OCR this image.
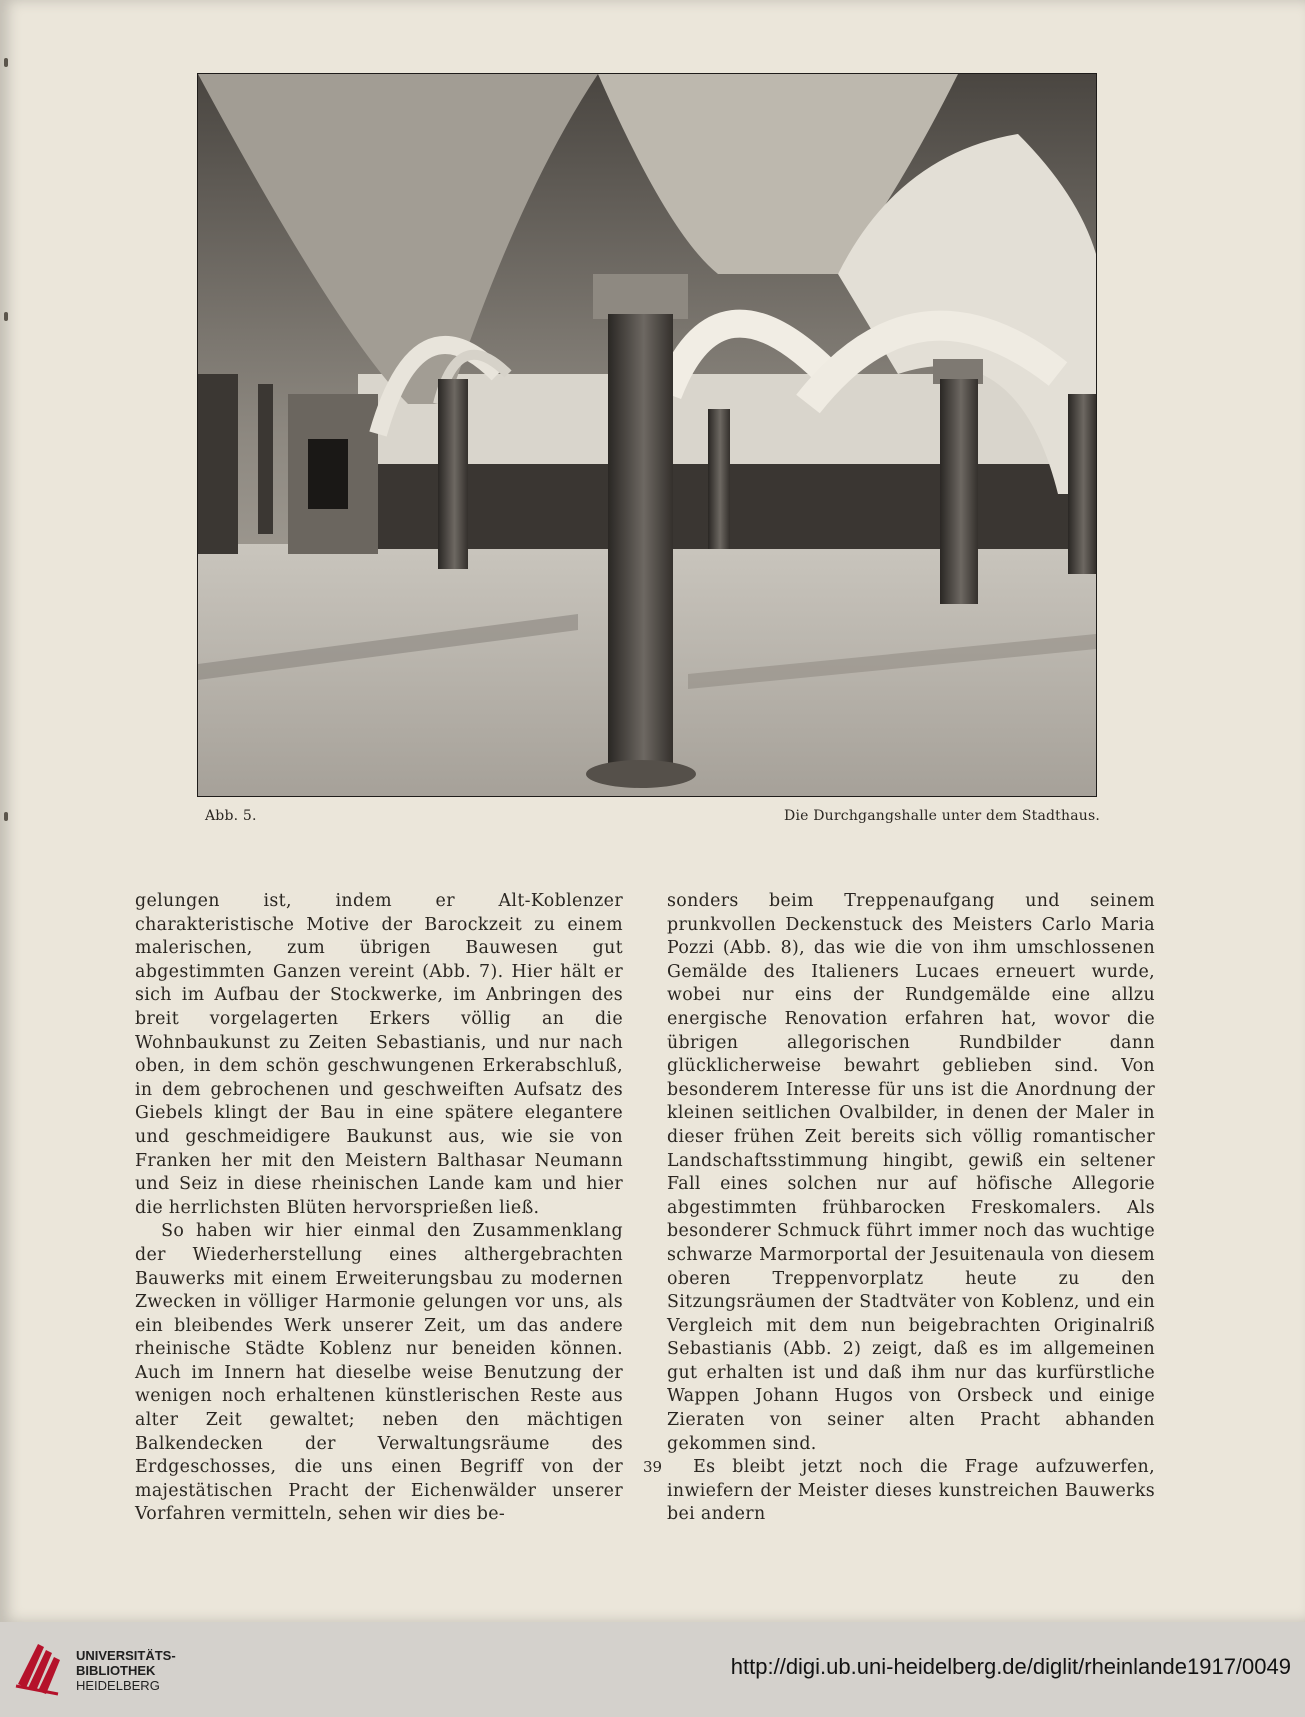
Abb. 5.	Die Durchgangshalle unter dem Stadthaus.

gelungen ist, indem er Alt-Koblenzer charakteristische Motive der Barockzeit zu einem malerischen, zum übrigen Bauwesen gut abgestimmten Ganzen vereint (Abb. 7). Hier hält er sich im Aufbau der Stockwerke, im Anbringen des breit vorgelagerten Erkers völlig an die Wohnbaukunst zu Zeiten Sebastianis, und nur nach oben, in dem schön geschwungenen Erkerabschluß, in dem gebrochenen und geschweiften Aufsatz des Giebels klingt der Bau in eine spätere elegantere und geschmeidigere Baukunst aus, wie sie von Franken her mit den Meistern Balthasar Neumann und Seiz in diese rheinischen Lande kam und hier die herrlichsten Blüten hervorsprießen ließ.

So haben wir hier einmal den Zusammenklang der Wiederherstellung eines althergebrachten Bauwerks mit einem Erweiterungsbau zu modernen Zwecken in völliger Harmonie gelungen vor uns, als ein bleibendes Werk unserer Zeit, um das andere rheinische Städte Koblenz nur beneiden können. Auch im Innern hat dieselbe weise Benutzung der wenigen noch erhaltenen künstlerischen Reste aus alter Zeit gewaltet; neben den mächtigen Balkendecken der Verwaltungsräume des Erdgeschosses, die uns einen Begriff von der majestätischen Pracht der Eichenwälder unserer Vorfahren vermitteln, sehen wir dies be-

sonders beim Treppenaufgang und seinem prunkvollen Deckenstuck des Meisters Carlo Maria Pozzi (Abb. 8), das wie die von ihm umschlossenen Gemälde des Italieners Lucaes erneuert wurde, wobei nur eins der Rundgemälde eine allzu energische Renovation erfahren hat, wovor die übrigen allegorischen Rundbilder dann glücklicherweise bewahrt geblieben sind. Von besonderem Interesse für uns ist die Anordnung der kleinen seitlichen Ovalbilder, in denen der Maler in dieser frühen Zeit bereits sich völlig romantischer Landschaftsstimmung hingibt, gewiß ein seltener Fall eines solchen nur auf höfische Allegorie abgestimmten frühbarocken Freskomalers. Als besonderer Schmuck führt immer noch das wuchtige schwarze Marmorportal der Jesuitenaula von diesem oberen Treppenvorplatz heute zu den Sitzungsräumen der Stadtväter von Koblenz, und ein Vergleich mit dem nun beigebrachten Originalriß Sebastianis (Abb. 2) zeigt, daß es im allgemeinen gut erhalten ist und daß ihm nur das kurfürstliche Wappen Johann Hugos von Orsbeck und einige Zieraten von seiner alten Pracht abhanden gekommen sind.

Es bleibt jetzt noch die Frage aufzuwerfen, inwiefern der Meister dieses kunstreichen Bauwerks bei andern

39
UNIVERSITÄTS-
BIBLIOTHEK
HEIDELBERG
http://digi.ub.uni-heidelberg.de/diglit/rheinlande1917/0049
